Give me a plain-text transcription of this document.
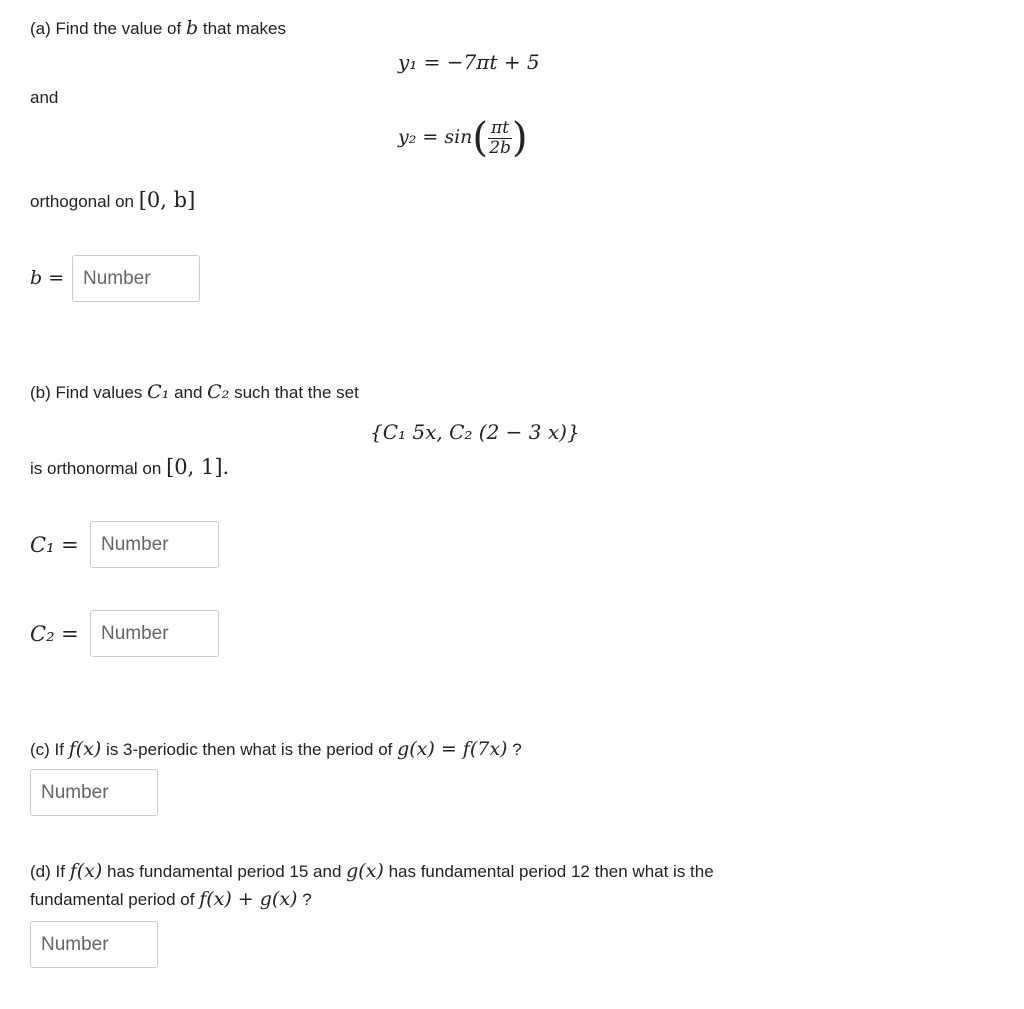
(a) Find the value of b that makes
y₁ = −7πt + 5
and
$y_2 = \sin( \frac{\pi t}{2b}$ )
orthogonal on [0, b]
b =
Number
(b) Find values C₁ and C₂ such that the set
{C₁ 5x, C₂ (2 − 3 x)}
is orthonormal on [0, 1].
C₁ =
Number
C₂ =
Number
(c) If f(x) is 3-periodic then what is the period of g(x) = f(7x) ?
Number
(d) If f(x) has fundamental period 15 and g(x) has fundamental period 12 then what is the
fundamental period of f(x) + g(x) ?
Number
